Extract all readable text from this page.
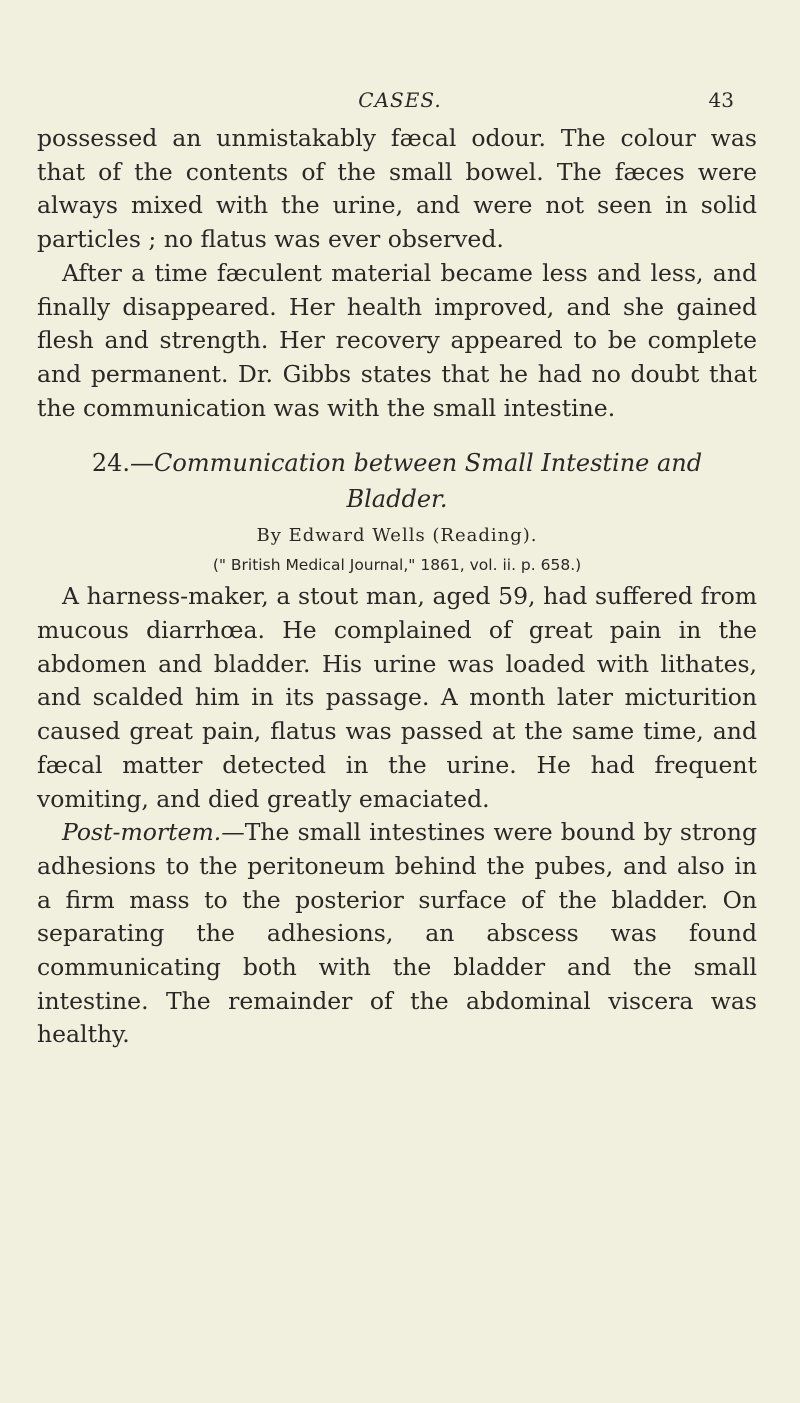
CASES.	43

possessed an unmistakably fæcal odour. The colour was that of the contents of the small bowel. The fæces were always mixed with the urine, and were not seen in solid particles ; no flatus was ever observed.

After a time fæculent material became less and less, and finally disappeared. Her health improved, and she gained flesh and strength. Her recovery appeared to be complete and permanent. Dr. Gibbs states that he had no doubt that the communication was with the small intestine.

24.—Communication between Small Intestine and Bladder.
By Edward Wells (Reading).
(" British Medical Journal," 1861, vol. ii. p. 658.)

A harness-maker, a stout man, aged 59, had suffered from mucous diarrhœa. He complained of great pain in the abdomen and bladder. His urine was loaded with lithates, and scalded him in its passage. A month later micturition caused great pain, flatus was passed at the same time, and fæcal matter detected in the urine. He had frequent vomiting, and died greatly emaciated.

Post-mortem.—The small intestines were bound by strong adhesions to the peritoneum behind the pubes, and also in a firm mass to the posterior surface of the bladder. On separating the adhesions, an abscess was found communicating both with the bladder and the small intestine. The remainder of the abdominal viscera was healthy.
